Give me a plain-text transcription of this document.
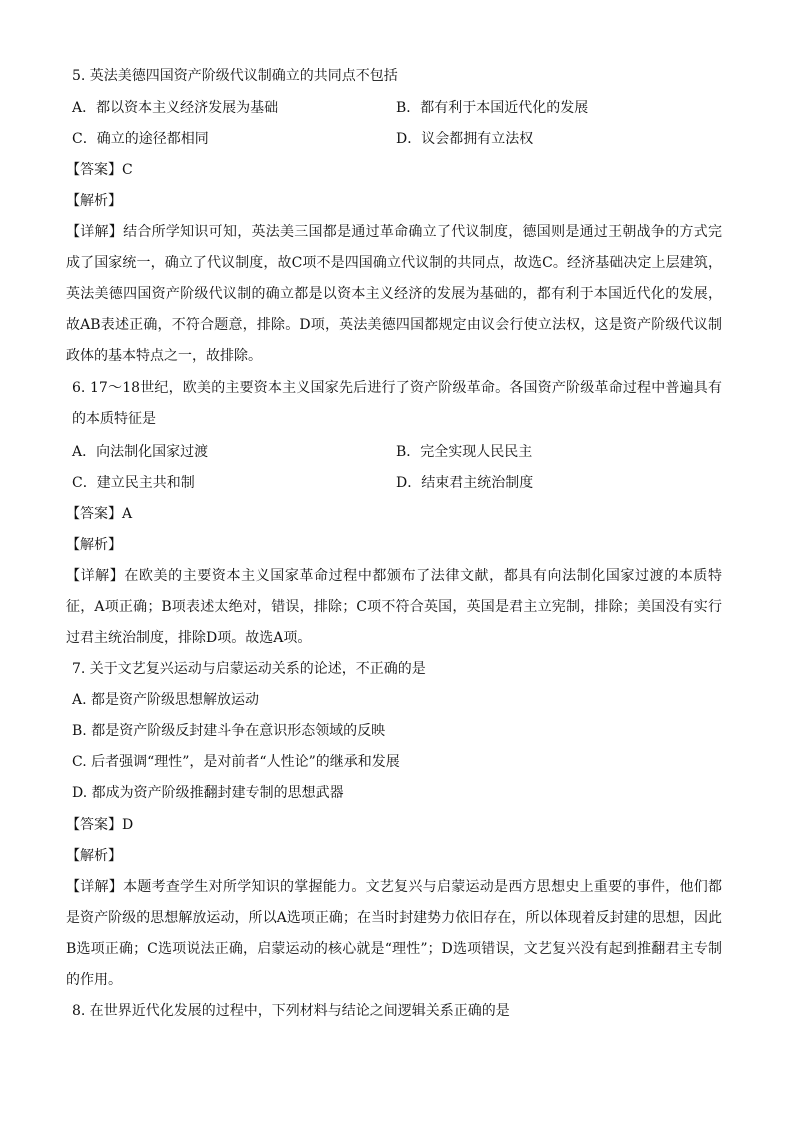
5. 英法美德四国资产阶级代议制确立的共同点不包括
A．都以资本主义经济发展为基础	B．都有利于本国近代化的发展
C．确立的途径都相同	D．议会都拥有立法权
【答案】C
【解析】
【详解】结合所学知识可知，英法美三国都是通过革命确立了代议制度，德国则是通过王朝战争的方式完成了国家统一，确立了代议制度，故C项不是四国确立代议制的共同点，故选C。经济基础决定上层建筑，英法美德四国资产阶级代议制的确立都是以资本主义经济的发展为基础的，都有利于本国近代化的发展，故AB表述正确，不符合题意，排除。D项，英法美德四国都规定由议会行使立法权，这是资产阶级代议制政体的基本特点之一，故排除。
6. 17～18世纪，欧美的主要资本主义国家先后进行了资产阶级革命。各国资产阶级革命过程中普遍具有的本质特征是
A．向法制化国家过渡	B．完全实现人民民主
C．建立民主共和制	D．结束君主统治制度
【答案】A
【解析】
【详解】在欧美的主要资本主义国家革命过程中都颁布了法律文献，都具有向法制化国家过渡的本质特征，A项正确；B项表述太绝对，错误，排除；C项不符合英国，英国是君主立宪制，排除；美国没有实行过君主统治制度，排除D项。故选A项。
7. 关于文艺复兴运动与启蒙运动关系的论述，不正确的是
A. 都是资产阶级思想解放运动
B. 都是资产阶级反封建斗争在意识形态领域的反映
C. 后者强调“理性”，是对前者“人性论”的继承和发展
D. 都成为资产阶级推翻封建专制的思想武器
【答案】D
【解析】
【详解】本题考查学生对所学知识的掌握能力。文艺复兴与启蒙运动是西方思想史上重要的事件，他们都是资产阶级的思想解放运动，所以A选项正确；在当时封建势力依旧存在，所以体现着反封建的思想，因此B选项正确；C选项说法正确，启蒙运动的核心就是“理性”；D选项错误，文艺复兴没有起到推翻君主专制的作用。
8. 在世界近代化发展的过程中，下列材料与结论之间逻辑关系正确的是
